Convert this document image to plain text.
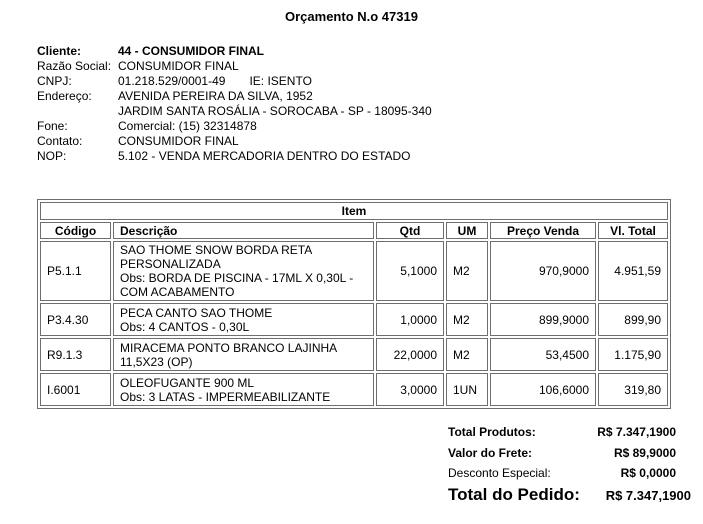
Orçamento N.o 47319
Cliente:	44 - CONSUMIDOR FINAL
Razão Social: CONSUMIDOR FINAL
CNPJ:	01.218.529/0001-49 IE: ISENTO
Endereço:	AVENIDA PEREIRA DA SILVA, 1952
JARDIM SANTA ROSÁLIA - SOROCABA - SP - 18095-340
Fone:	Comercial: (15) 32314878
Contato:	CONSUMIDOR FINAL
NOP:	5.102 - VENDA MERCADORIA DENTRO DO ESTADO
Item					
Código	Descrição	Qtd	UM	Preço Venda	Vl. Total
P5.1.1	SAO THOME SNOW BORDA RETA
PERSONALIZADA
Obs: BORDA DE PISCINA - 17ML X 0,30L -
COM ACABAMENTO	5,1000	M2	970,9000	4.951,59
P3.4.30	PECA CANTO SAO THOME
Obs: 4 CANTOS - 0,30L	1,0000	M2	899,9000	899,90
R9.1.3	MIRACEMA PONTO BRANCO LAJINHA
11,5X23 (OP)	22,0000	M2	53,4500	1.175,90
I.6001	OLEOFUGANTE 900 ML
Obs: 3 LATAS - IMPERMEABILIZANTE	3,0000	1UN	106,6000	319,80
Total Produtos:	R$ 7.347,1900
Valor do Frete:	R$ 89,9000
Desconto Especial:	R$ 0,0000
Total do Pedido: R$ 7.347,1900
